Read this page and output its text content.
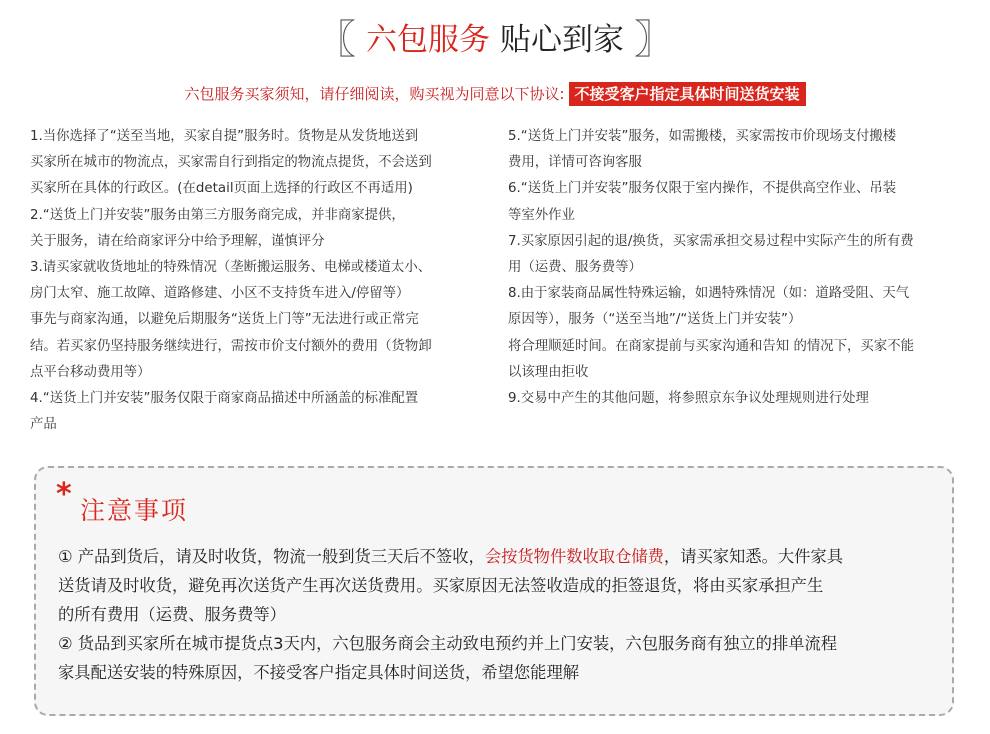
〖 六包服务 贴心到家 〗
六包服务买家须知，请仔细阅读，购买视为同意以下协议: 不接受客户指定具体时间送货安装
1.当你选择了“送至当地，买家自提”服务时。货物是从发货地送到
买家所在城市的物流点，买家需自行到指定的物流点提货，不会送到
买家所在具体的行政区。(在detail页面上选择的行政区不再适用)
2.“送货上门并安装”服务由第三方服务商完成，并非商家提供，
关于服务，请在给商家评分中给予理解，谨慎评分
3.请买家就收货地址的特殊情况（垄断搬运服务、电梯或楼道太小、
房门太窄、施工故障、道路修建、小区不支持货车进入/停留等）
事先与商家沟通，以避免后期服务“送货上门等”无法进行或正常完
结。若买家仍坚持服务继续进行，需按市价支付额外的费用（货物卸
点平台移动费用等）
4.“送货上门并安装”服务仅限于商家商品描述中所涵盖的标准配置
产品
5.“送货上门并安装”服务，如需搬楼，买家需按市价现场支付搬楼
费用，详情可咨询客服
6.“送货上门并安装”服务仅限于室内操作，不提供高空作业、吊装
等室外作业
7.买家原因引起的退/换货，买家需承担交易过程中实际产生的所有费
用（运费、服务费等）
8.由于家装商品属性特殊运输，如遇特殊情况（如：道路受阻、天气
原因等），服务（“送至当地”/“送货上门并安装”）
将合理顺延时间。在商家提前与买家沟通和告知 的情况下，买家不能
以该理由拒收
9.交易中产生的其他问题，将参照京东争议处理规则进行处理
* 注意事项
① 产品到货后，请及时收货，物流一般到货三天后不签收，会按货物件数收取仓储费，请买家知悉。大件家具
送货请及时收货，避免再次送货产生再次送货费用。买家原因无法签收造成的拒签退货，将由买家承担产生
的所有费用（运费、服务费等）
② 货品到买家所在城市提货点3天内，六包服务商会主动致电预约并上门安装，六包服务商有独立的排单流程
家具配送安装的特殊原因，不接受客户指定具体时间送货，希望您能理解
